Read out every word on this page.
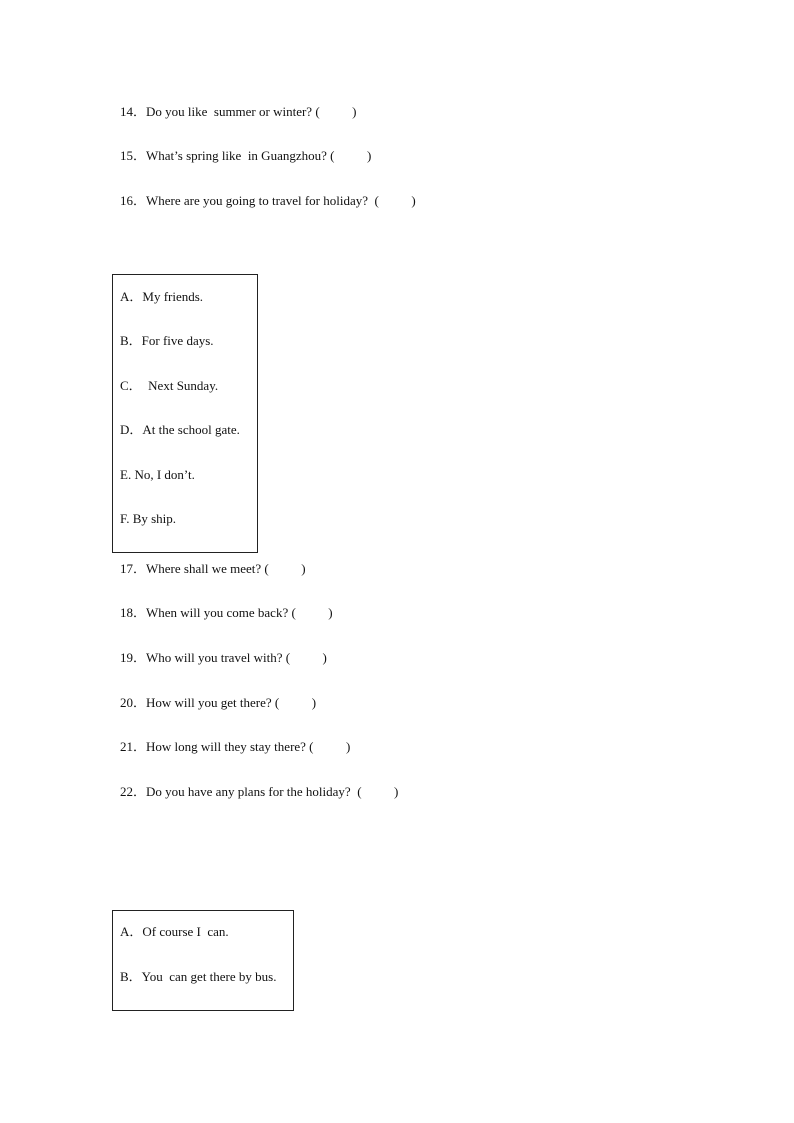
14．Do you like  summer or winter? (          )
15．What’s spring like  in Guangzhou? (          )
16．Where are you going to travel for holiday?  (          )
A．My friends.
B．For five days.
C．  Next Sunday.
D．At the school gate.
E. No, I don’t.
F. By ship.
17．Where shall we meet? (          )
18．When will you come back? (          )
19．Who will you travel with? (          )
20．How will you get there? (          )
21．How long will they stay there? (          )
22．Do you have any plans for the holiday?  (          )
A．Of course I  can.
B．You  can get there by bus.
